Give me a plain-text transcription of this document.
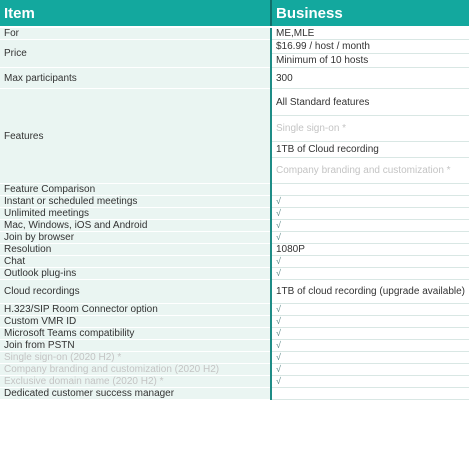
Item	Business
For	ME,MLE
Price	$16.99 / host / month
	Minimum of 10 hosts
Max participants	300
Features	All Standard features
	Single sign-on *
	1TB of Cloud recording
	Company branding and customization *
Feature Comparison	
Instant or scheduled meetings	√
Unlimited meetings	√
Mac, Windows, iOS and Android	√
Join by browser	√
Resolution	1080P
Chat	√
Outlook plug-ins	√
Cloud recordings	1TB of cloud recording (upgrade available)
H.323/SIP Room Connector option	√
Custom VMR ID	√
Microsoft Teams compatibility	√
Join from PSTN	√
Single sign-on (2020 H2) *	√
Company branding and customization (2020 H2)	√
Exclusive domain name (2020 H2) *	√
Dedicated customer success manager	
